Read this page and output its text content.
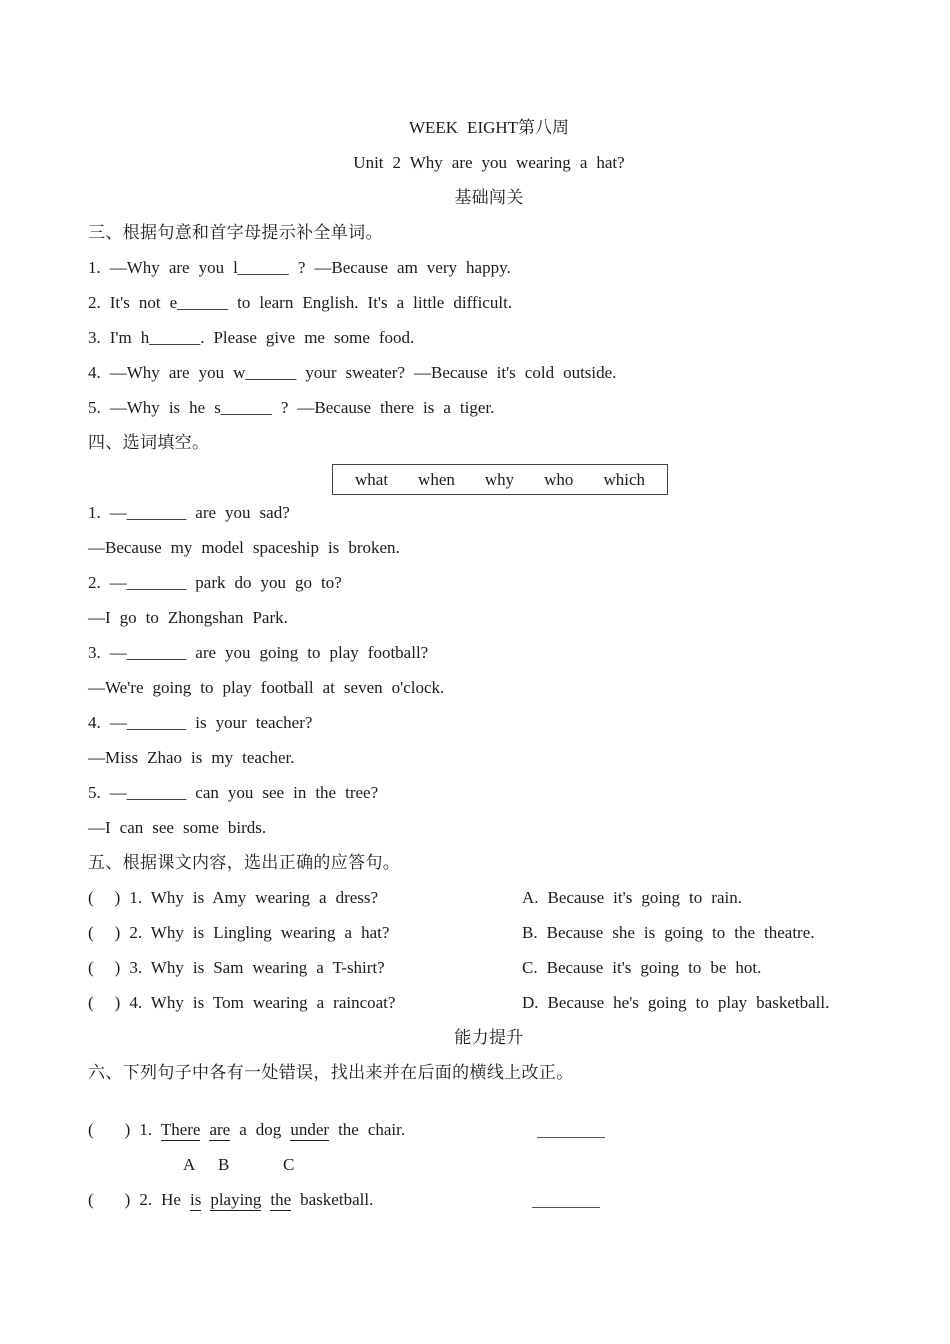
WEEK EIGHT第八周
Unit 2 Why are you wearing a hat?
基础闯关
三、根据句意和首字母提示补全单词。
1. —Why are you l______ ? —Because am very happy.
2. It's not e______ to learn English. It's a little difficult.
3. I'm h______. Please give me some food.
4. —Why are you w______ your sweater? —Because it's cold outside.
5. —Why is he s______ ? —Because there is a tiger.
四、选词填空。
what when why who which
1. —_______ are you sad?
—Because my model spaceship is broken.
2. —_______ park do you go to?
—I go to Zhongshan Park.
3. —_______ are you going to play football?
—We're going to play football at seven o'clock.
4. —_______ is your teacher?
—Miss Zhao is my teacher.
5. —_______ can you see in the tree?
—I can see some birds.
五、根据课文内容，选出正确的应答句。
( ) 1. Why is Amy wearing a dress?	A. Because it's going to rain.
( ) 2. Why is Lingling wearing a hat?	B. Because she is going to the theatre.
( ) 3. Why is Sam wearing a T-shirt?	C. Because it's going to be hot.
( ) 4. Why is Tom wearing a raincoat?	D. Because he's going to play basketball.
能力提升
六、下列句子中各有一处错误，找出来并在后面的横线上改正。
( ) 1. There are a dog under the chair.
A B	C
( ) 2. He is playing the basketball.
